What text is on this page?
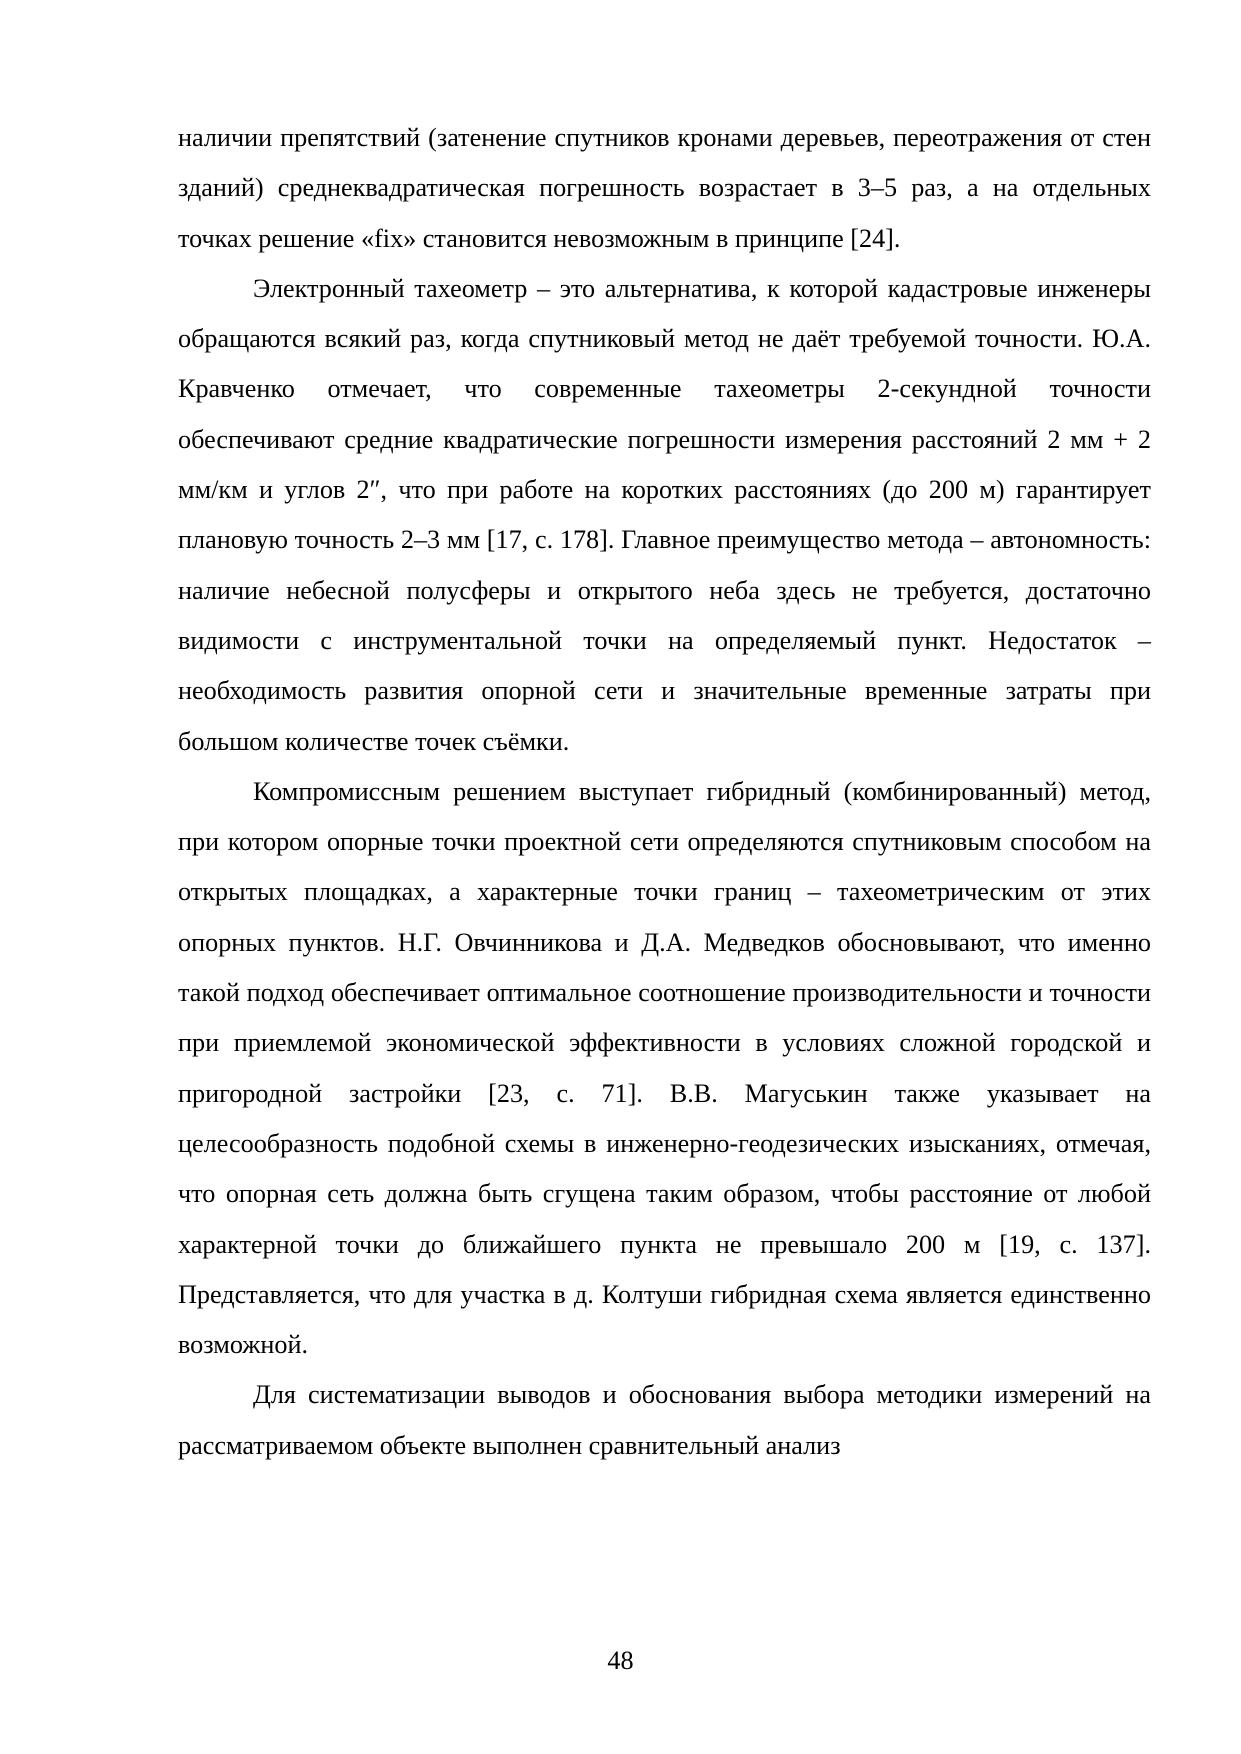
наличии препятствий (затенение спутников кронами деревьев, переотражения от стен зданий) среднеквадратическая погрешность возрастает в 3–5 раз, а на отдельных точках решение «fix» становится невозможным в принципе [24].

Электронный тахеометр – это альтернатива, к которой кадастровые инженеры обращаются всякий раз, когда спутниковый метод не даёт требуемой точности. Ю.А. Кравченко отмечает, что современные тахеометры 2-секундной точности обеспечивают средние квадратические погрешности измерения расстояний 2 мм + 2 мм/км и углов 2″, что при работе на коротких расстояниях (до 200 м) гарантирует плановую точность 2–3 мм [17, с. 178]. Главное преимущество метода – автономность: наличие небесной полусферы и открытого неба здесь не требуется, достаточно видимости с инструментальной точки на определяемый пункт. Недостаток – необходимость развития опорной сети и значительные временные затраты при большом количестве точек съёмки.

Компромиссным решением выступает гибридный (комбинированный) метод, при котором опорные точки проектной сети определяются спутниковым способом на открытых площадках, а характерные точки границ – тахеометрическим от этих опорных пунктов. Н.Г. Овчинникова и Д.А. Медведков обосновывают, что именно такой подход обеспечивает оптимальное соотношение производительности и точности при приемлемой экономической эффективности в условиях сложной городской и пригородной застройки [23, с. 71]. В.В. Магуськин также указывает на целесообразность подобной схемы в инженерно-геодезических изысканиях, отмечая, что опорная сеть должна быть сгущена таким образом, чтобы расстояние от любой характерной точки до ближайшего пункта не превышало 200 м [19, с. 137]. Представляется, что для участка в д. Колтуши гибридная схема является единственно возможной.

Для систематизации выводов и обоснования выбора методики измерений на рассматриваемом объекте выполнен сравнительный анализ

48
